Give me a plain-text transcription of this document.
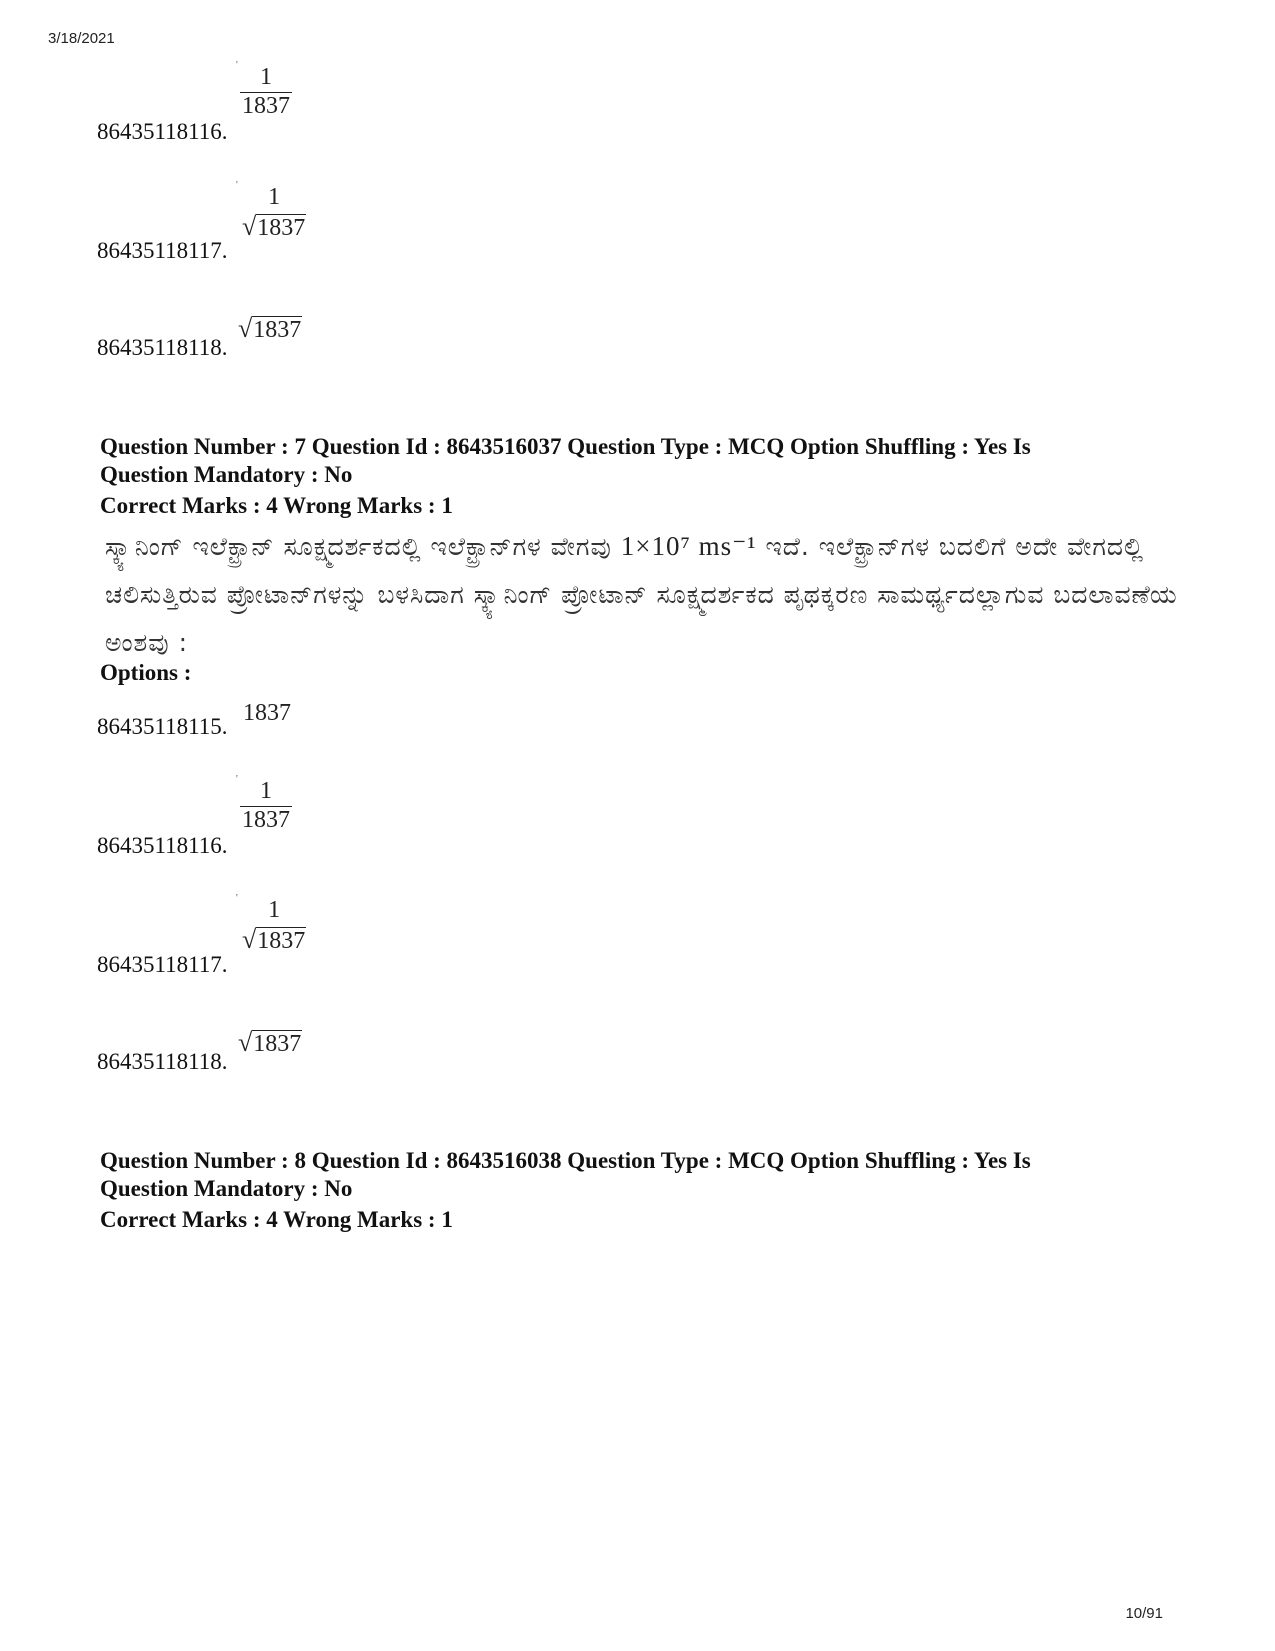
3/18/2021
' $\frac{1}{1837}$
86435118116.
'	1
√1837
86435118117.
√1837
86435118118.
Question Number : 7 Question Id : 8643516037 Question Type : MCQ Option Shuffling : Yes Is Question Mandatory : No
Correct Marks : 4 Wrong Marks : 1
ಸ್ಕ್ಯಾನಿಂಗ್ ಇಲೆಕ್ಟ್ರಾನ್ ಸೂಕ್ಷ್ಮದರ್ಶಕದಲ್ಲಿ ಇಲೆಕ್ಟ್ರಾನ್‌ಗಳ ವೇಗವು 1×10⁷ ms⁻¹ ಇದೆ. ಇಲೆಕ್ಟ್ರಾನ್‌ಗಳ ಬದಲಿಗೆ ಅದೇ ವೇಗದಲ್ಲಿ ಚಲಿಸುತ್ತಿರುವ ಪ್ರೋಟಾನ್‌ಗಳನ್ನು ಬಳಸಿದಾಗ ಸ್ಕ್ಯಾನಿಂಗ್ ಪ್ರೋಟಾನ್ ಸೂಕ್ಷ್ಮದರ್ಶಕದ ಪೃಥಕ್ಕರಣ ಸಾಮರ್ಥ್ಯದಲ್ಲಾಗುವ ಬದಲಾವಣೆಯ ಅಂಶವು :
Options :
1837
86435118115.
' $\frac{1}{1837}$
86435118116.
'	1
√1837
86435118117.
√1837
86435118118.
Question Number : 8 Question Id : 8643516038 Question Type : MCQ Option Shuffling : Yes Is Question Mandatory : No
Correct Marks : 4 Wrong Marks : 1
10/91
